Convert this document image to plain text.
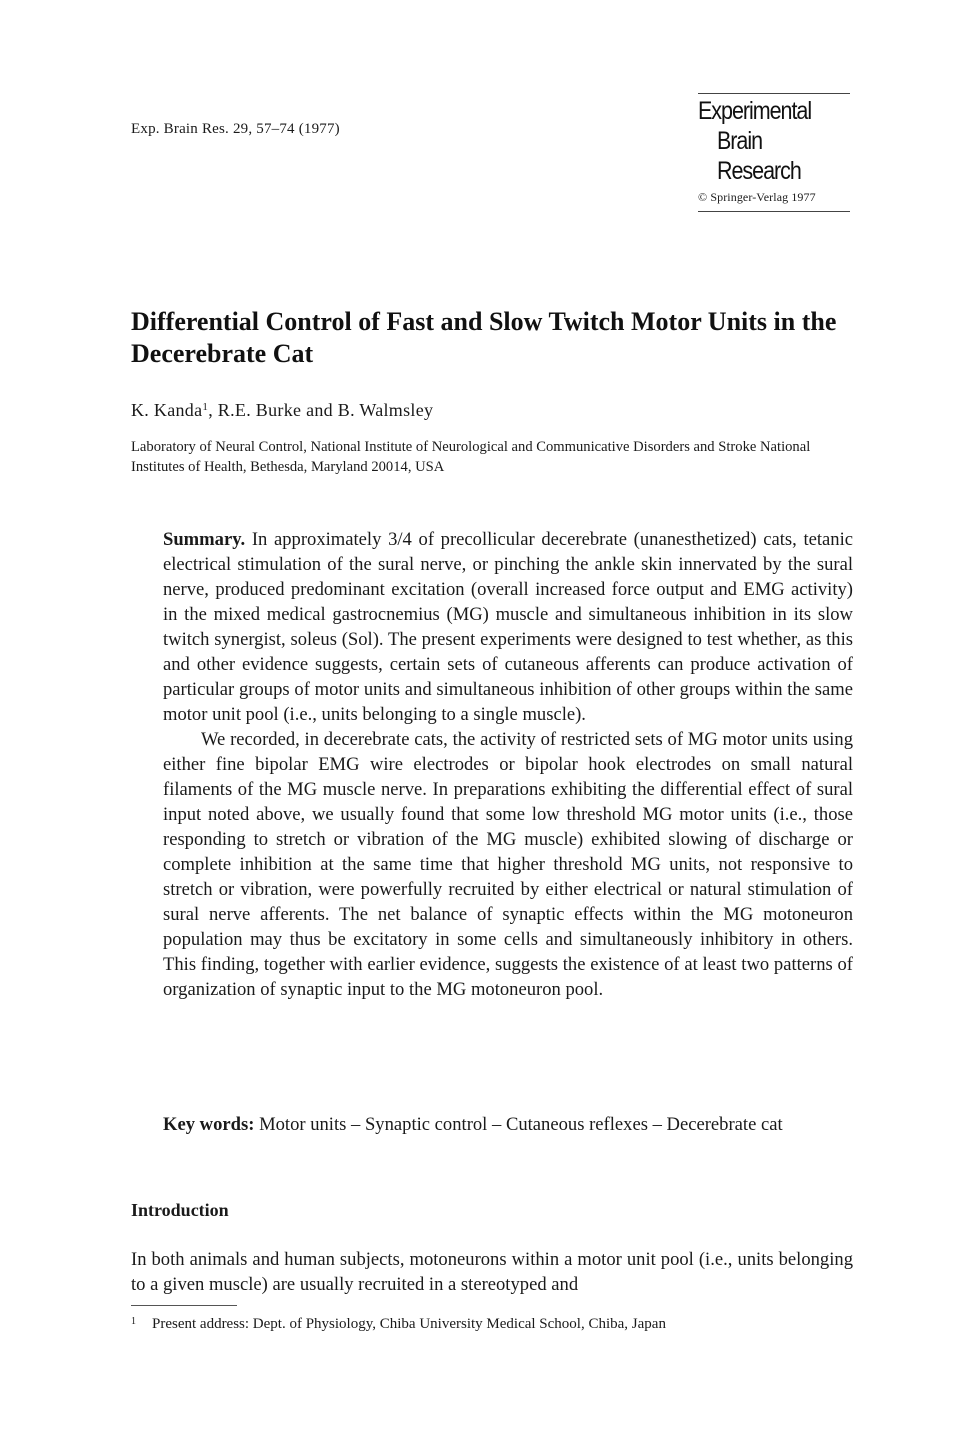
Exp. Brain Res. 29, 57–74 (1977)
Experimental
Brain
Research
© Springer-Verlag 1977
Differential Control of Fast and Slow Twitch Motor Units in the Decerebrate Cat
K. Kanda$^1$, R.E. Burke and B. Walmsley
Laboratory of Neural Control, National Institute of Neurological and Communicative Disorders and Stroke National Institutes of Health, Bethesda, Maryland 20014, USA

Summary. In approximately 3/4 of precollicular decerebrate (unanesthetized) cats, tetanic electrical stimulation of the sural nerve, or pinching the ankle skin innervated by the sural nerve, produced predominant excitation (overall increased force output and EMG activity) in the mixed medical gastrocnemius (MG) muscle and simultaneous inhibition in its slow twitch synergist, soleus (Sol). The present experiments were designed to test whether, as this and other evidence suggests, certain sets of cutaneous afferents can produce activation of particular groups of motor units and simultaneous inhibition of other groups within the same motor unit pool (i.e., units belonging to a single muscle).

We recorded, in decerebrate cats, the activity of restricted sets of MG motor units using either fine bipolar EMG wire electrodes or bipolar hook electrodes on small natural filaments of the MG muscle nerve. In preparations exhibiting the differential effect of sural input noted above, we usually found that some low threshold MG motor units (i.e., those responding to stretch or vibration of the MG muscle) exhibited slowing of discharge or complete inhibition at the same time that higher threshold MG units, not responsive to stretch or vibration, were powerfully recruited by either electrical or natural stimulation of sural nerve afferents. The net balance of synaptic effects within the MG motoneuron population may thus be excitatory in some cells and simultaneously inhibitory in others. This finding, together with earlier evidence, suggests the existence of at least two patterns of organization of synaptic input to the MG motoneuron pool.

Key words: Motor units – Synaptic control – Cutaneous reflexes – Decerebrate cat

Introduction

In both animals and human subjects, motoneurons within a motor unit pool (i.e., units belonging to a given muscle) are usually recruited in a stereotyped and

$^1$ Present address: Dept. of Physiology, Chiba University Medical School, Chiba, Japan
